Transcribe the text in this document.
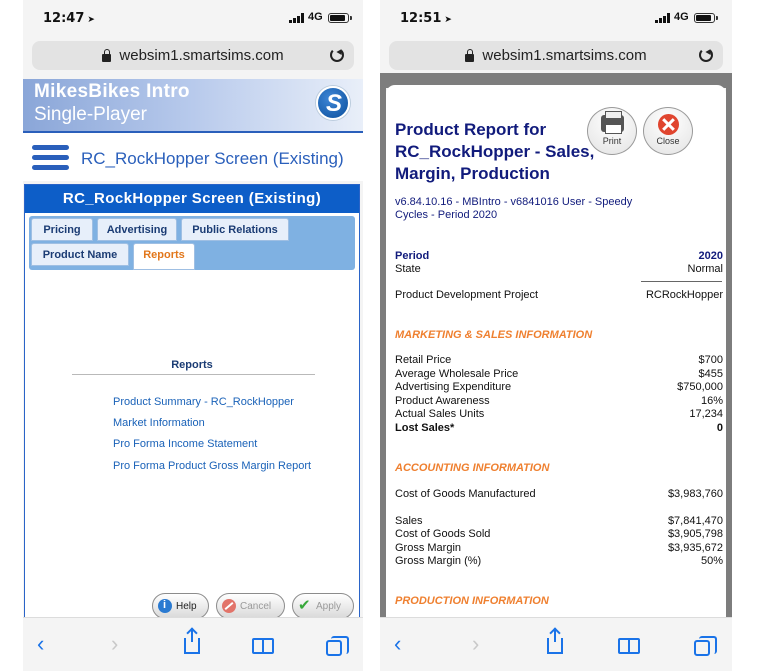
12:47 ➤	4G
websim1.smartsims.com
MikesBikes Intro
Single-Player
S
RC_RockHopper Screen (Existing)
RC_RockHopper Screen (Existing)
Pricing	Advertising	Public Relations
Product Name	Reports
Reports
Product Summary - RC_RockHopper
Market Information
Pro Forma Income Statement
Pro Forma Product Gross Margin Report
i
Help	Cancel
✔	Apply
‹	›
12:51 ➤	4G
websim1.smartsims.com
Product Report for RC_RockHopper - Sales, Margin, Production
Print	Close
v6.84.10.16 - MBIntro - v6841016 User - Speedy Cycles - Period 2020
Period	2020
State	Normal
Product Development Project	RCRockHopper
MARKETING & SALES INFORMATION
Retail Price	$700
Average Wholesale Price	$455
Advertising Expenditure	$750,000
Product Awareness	16%
Actual Sales Units	17,234
Lost Sales*	0
ACCOUNTING INFORMATION
Cost of Goods Manufactured	$3,983,760
Sales	$7,841,470
Cost of Goods Sold	$3,905,798
Gross Margin	$3,935,672
Gross Margin (%)	50%
PRODUCTION INFORMATION
‹	›
